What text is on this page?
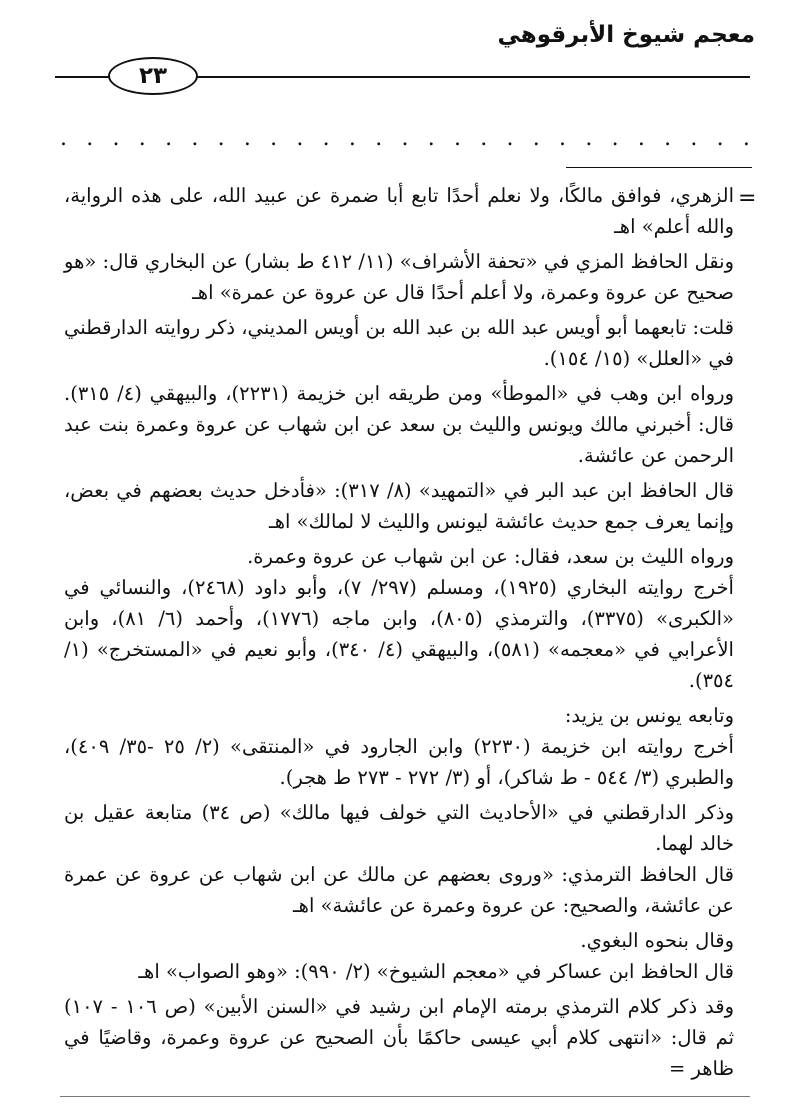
معجم شيوخ الأبرقوهي
٢٣
. . . . . . . . . . . . . . . . . . . . . . . . . . .
=

الزهري، فوافق مالكًا، ولا نعلم أحدًا تابع أبا ضمرة عن عبيد الله، على هذه الرواية، والله أعلم» اهـ

ونقل الحافظ المزي في «تحفة الأشراف» (١١/ ٤١٢ ط بشار) عن البخاري قال: «هو صحيح عن عروة وعمرة، ولا أعلم أحدًا قال عن عروة عن عمرة» اهـ

قلت: تابعهما أبو أويس عبد الله بن عبد الله بن أويس المديني، ذكر روايته الدارقطني في «العلل» (١٥/ ١٥٤).

ورواه ابن وهب في «الموطأ» ومن طريقه ابن خزيمة (٢٢٣١)، والبيهقي (٤/ ٣١٥). قال: أخبرني مالك ويونس والليث بن سعد عن ابن شهاب عن عروة وعمرة بنت عبد الرحمن عن عائشة.

قال الحافظ ابن عبد البر في «التمهيد» (٨/ ٣١٧): «فأدخل حديث بعضهم في بعض، وإنما يعرف جمع حديث عائشة ليونس والليث لا لمالك» اهـ

ورواه الليث بن سعد، فقال: عن ابن شهاب عن عروة وعمرة.

أخرج روايته البخاري (١٩٢٥)، ومسلم (٢٩٧/ ٧)، وأبو داود (٢٤٦٨)، والنسائي في «الكبرى» (٣٣٧٥)، والترمذي (٨٠٥)، وابن ماجه (١٧٧٦)، وأحمد (٦/ ٨١)، وابن الأعرابي في «معجمه» (٥٨١)، والبيهقي (٤/ ٣٤٠)، وأبو نعيم في «المستخرج» (١/ ٣٥٤).

وتابعه يونس بن يزيد:

أخرج روايته ابن خزيمة (٢٢٣٠) وابن الجارود في «المنتقى» (٢/ ٢٥ -٣٥/ ٤٠٩)، والطبري (٣/ ٥٤٤ - ط شاكر)، أو (٣/ ٢٧٢ - ٢٧٣ ط هجر).

وذكر الدارقطني في «الأحاديث التي خولف فيها مالك» (ص ٣٤) متابعة عقيل بن خالد لهما.

قال الحافظ الترمذي: «وروى بعضهم عن مالك عن ابن شهاب عن عروة عن عمرة عن عائشة، والصحيح: عن عروة وعمرة عن عائشة» اهـ

وقال بنحوه البغوي.

قال الحافظ ابن عساكر في «معجم الشيوخ» (٢/ ٩٩٠): «وهو الصواب» اهـ

وقد ذكر كلام الترمذي برمته الإمام ابن رشيد في «السنن الأبين» (ص ١٠٦ - ١٠٧) ثم قال: «انتهى كلام أبي عيسى حاكمًا بأن الصحيح عن عروة وعمرة، وقاضيًا في ظاهر =
